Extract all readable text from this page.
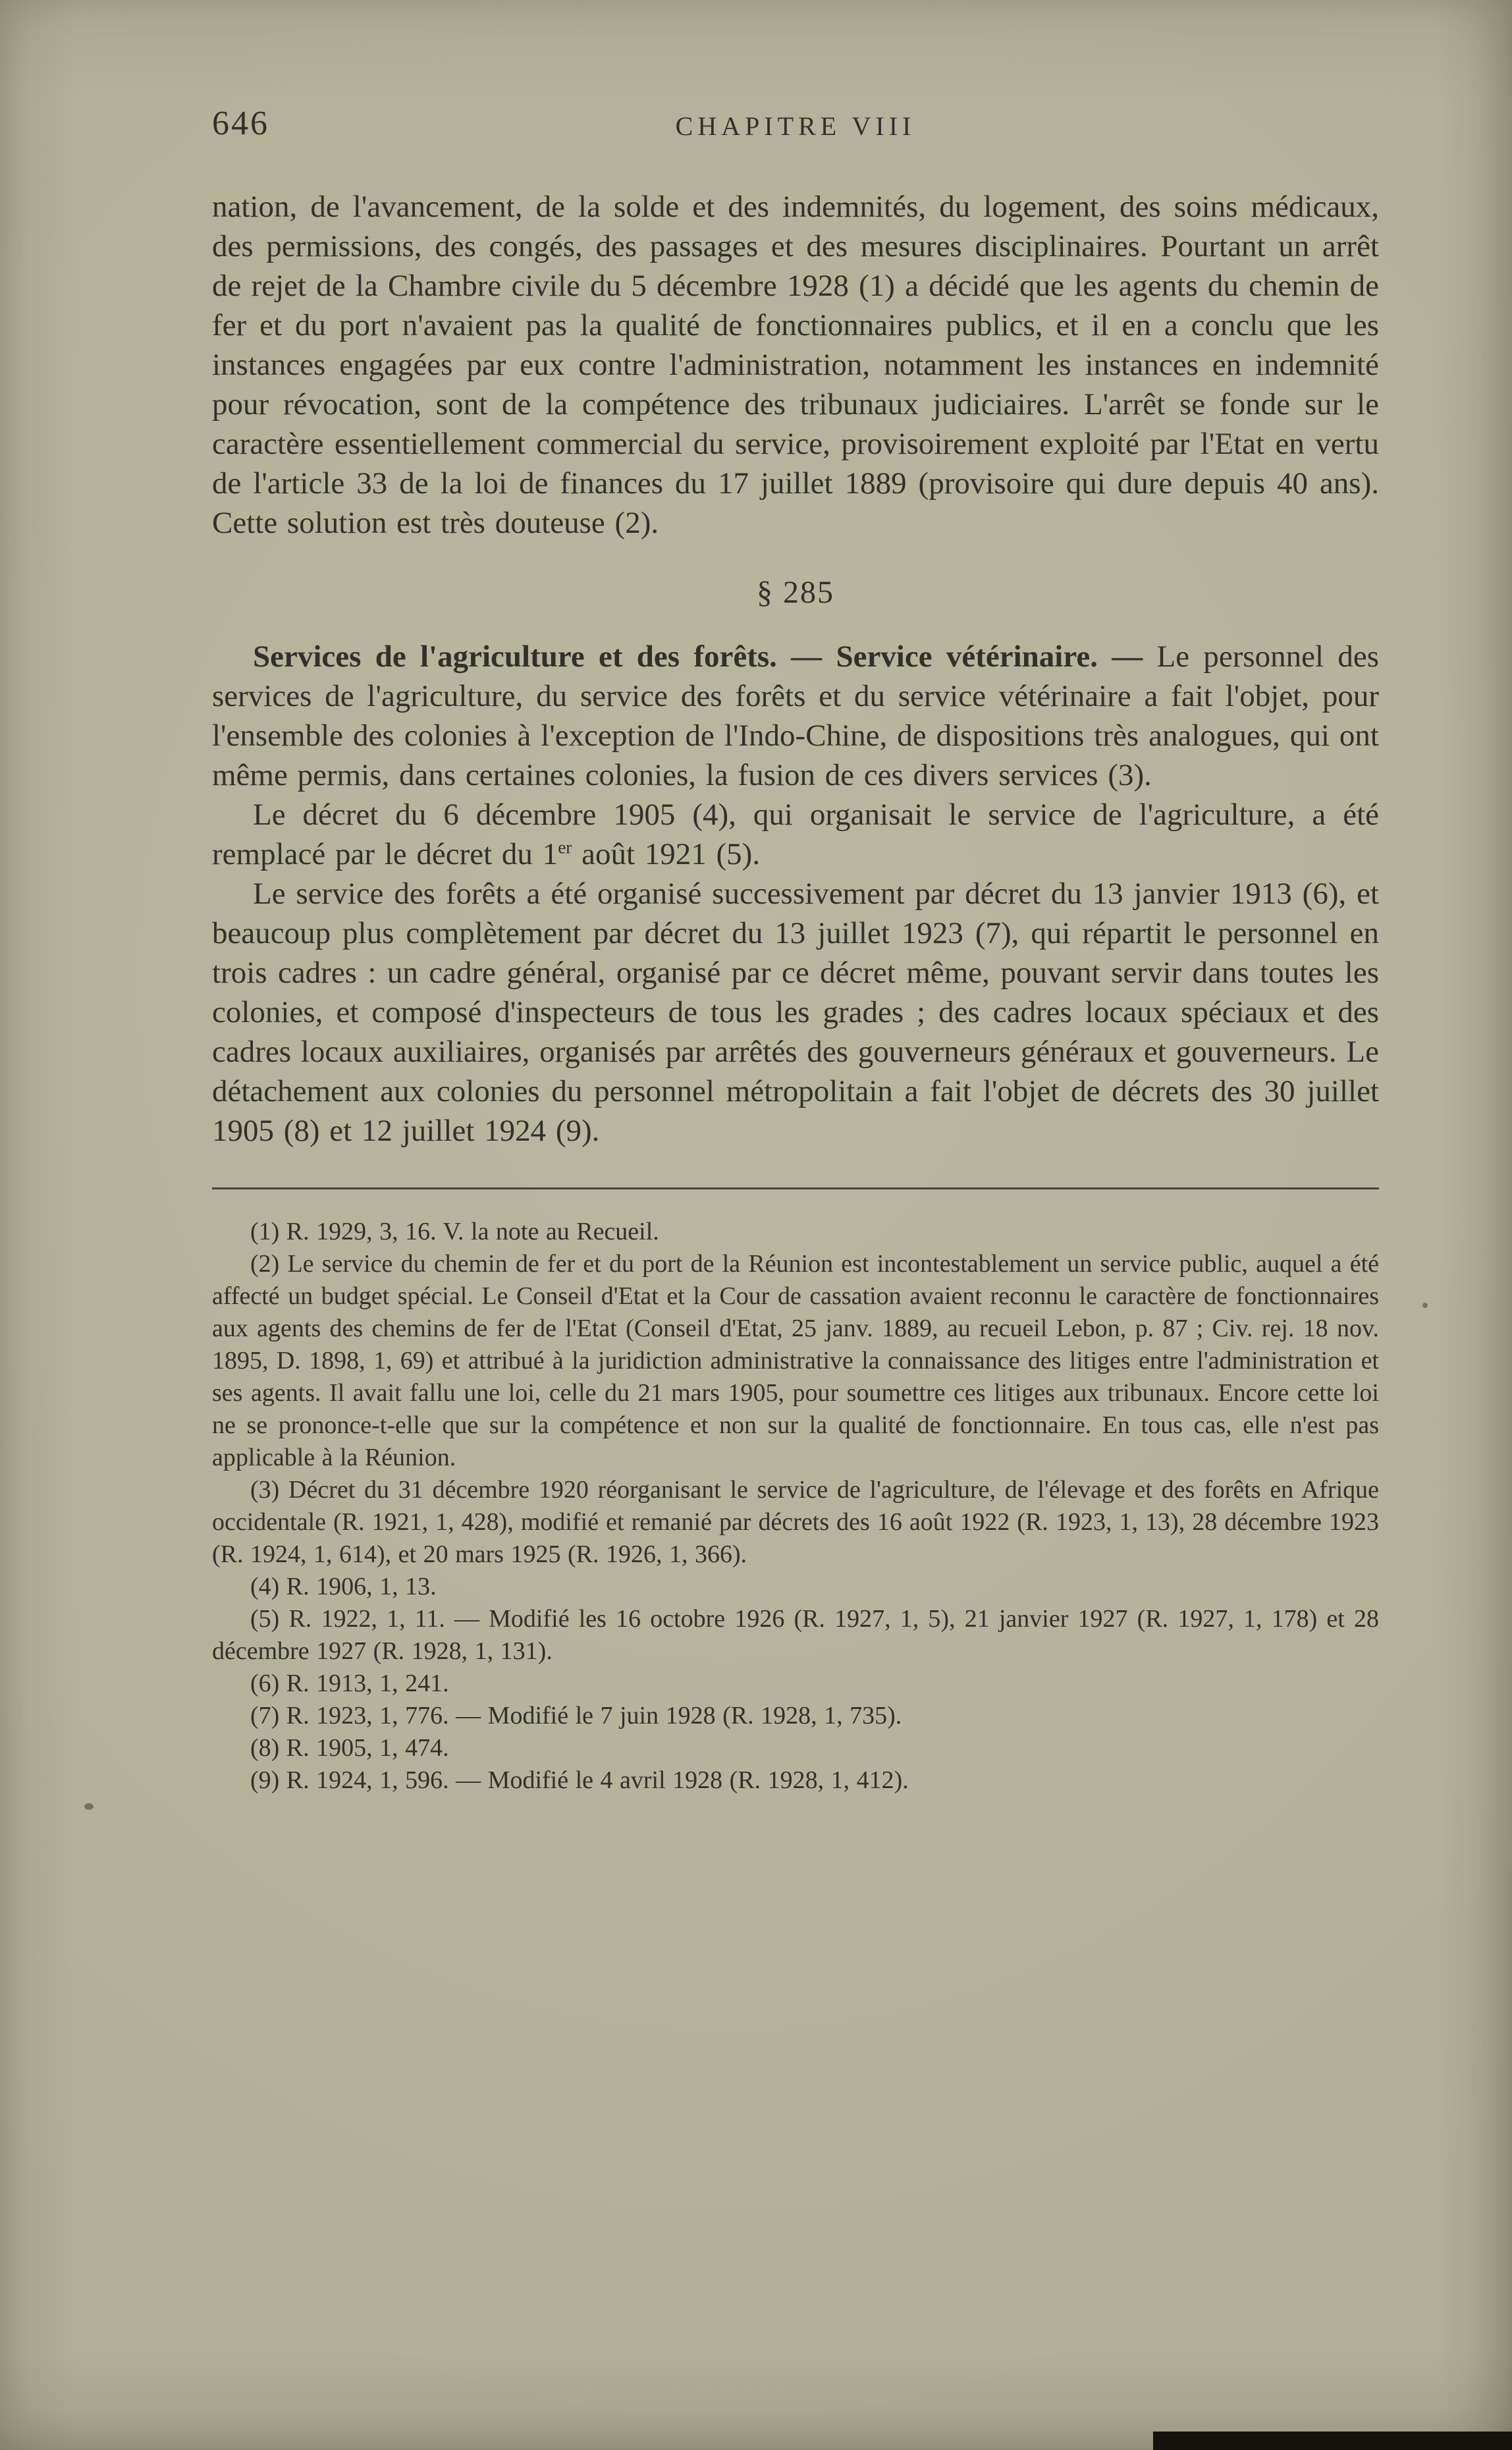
646	CHAPITRE VIII

nation, de l'avancement, de la solde et des indemnités, du logement, des soins médicaux, des permissions, des congés, des passages et des mesures disciplinaires. Pourtant un arrêt de rejet de la Chambre civile du 5 décembre 1928 (1) a décidé que les agents du chemin de fer et du port n'avaient pas la qualité de fonctionnaires publics, et il en a conclu que les instances engagées par eux contre l'administration, notamment les instances en indemnité pour révocation, sont de la compétence des tribunaux judiciaires. L'arrêt se fonde sur le caractère essentiellement commercial du service, provisoirement exploité par l'Etat en vertu de l'article 33 de la loi de finances du 17 juillet 1889 (provisoire qui dure depuis 40 ans). Cette solution est très douteuse (2).

§ 285

Services de l'agriculture et des forêts. — Service vétérinaire. — Le personnel des services de l'agriculture, du service des forêts et du service vétérinaire a fait l'objet, pour l'ensemble des colonies à l'exception de l'Indo-Chine, de dispositions très analogues, qui ont même permis, dans certaines colonies, la fusion de ces divers services (3).

Le décret du 6 décembre 1905 (4), qui organisait le service de l'agriculture, a été remplacé par le décret du 1er août 1921 (5).

Le service des forêts a été organisé successivement par décret du 13 janvier 1913 (6), et beaucoup plus complètement par décret du 13 juillet 1923 (7), qui répartit le personnel en trois cadres : un cadre général, organisé par ce décret même, pouvant servir dans toutes les colonies, et composé d'inspecteurs de tous les grades ; des cadres locaux spéciaux et des cadres locaux auxiliaires, organisés par arrêtés des gouverneurs généraux et gouverneurs. Le détachement aux colonies du personnel métropolitain a fait l'objet de décrets des 30 juillet 1905 (8) et 12 juillet 1924 (9).

(1) R. 1929, 3, 16. V. la note au Recueil.

(2) Le service du chemin de fer et du port de la Réunion est incontestablement un service public, auquel a été affecté un budget spécial. Le Conseil d'Etat et la Cour de cassation avaient reconnu le caractère de fonctionnaires aux agents des chemins de fer de l'Etat (Conseil d'Etat, 25 janv. 1889, au recueil Lebon, p. 87 ; Civ. rej. 18 nov. 1895, D. 1898, 1, 69) et attribué à la juridiction administrative la connaissance des litiges entre l'administration et ses agents. Il avait fallu une loi, celle du 21 mars 1905, pour soumettre ces litiges aux tribunaux. Encore cette loi ne se prononce-t-elle que sur la compétence et non sur la qualité de fonctionnaire. En tous cas, elle n'est pas applicable à la Réunion.

(3) Décret du 31 décembre 1920 réorganisant le service de l'agriculture, de l'élevage et des forêts en Afrique occidentale (R. 1921, 1, 428), modifié et remanié par décrets des 16 août 1922 (R. 1923, 1, 13), 28 décembre 1923 (R. 1924, 1, 614), et 20 mars 1925 (R. 1926, 1, 366).

(4) R. 1906, 1, 13.

(5) R. 1922, 1, 11. — Modifié les 16 octobre 1926 (R. 1927, 1, 5), 21 janvier 1927 (R. 1927, 1, 178) et 28 décembre 1927 (R. 1928, 1, 131).

(6) R. 1913, 1, 241.

(7) R. 1923, 1, 776. — Modifié le 7 juin 1928 (R. 1928, 1, 735).

(8) R. 1905, 1, 474.

(9) R. 1924, 1, 596. — Modifié le 4 avril 1928 (R. 1928, 1, 412).
